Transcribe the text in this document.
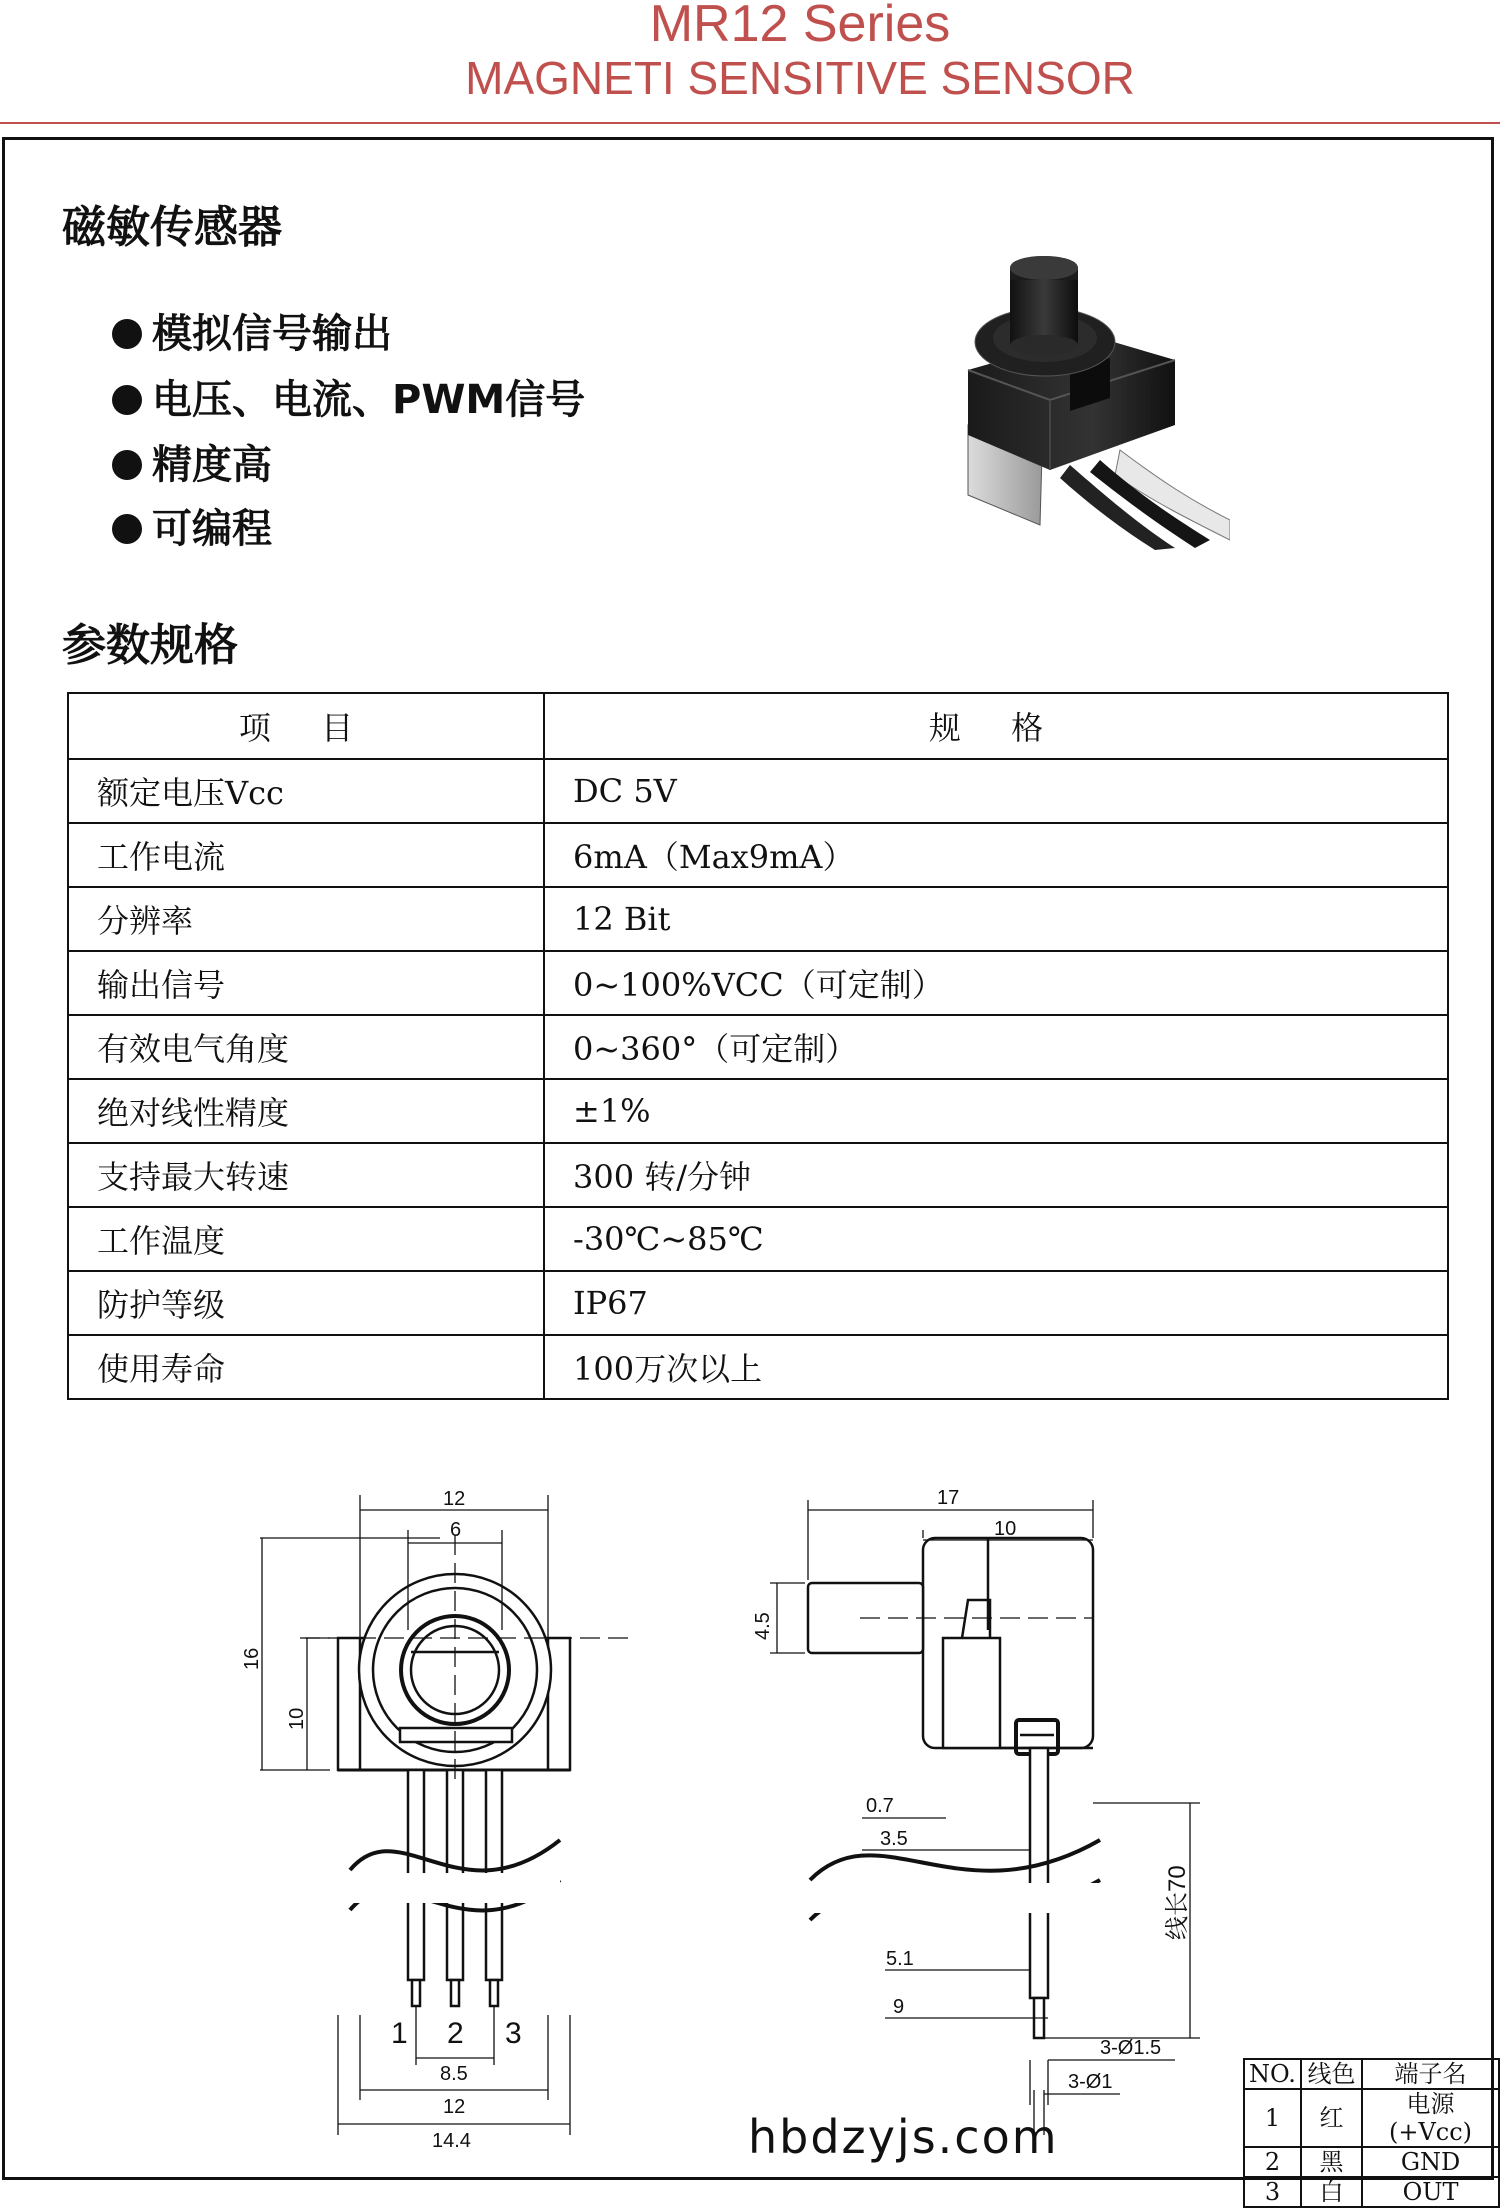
MR12 Series
MAGNETI SENSITIVE SENSOR
磁敏传感器
模拟信号输出
电压、电流、PWM信号
精度高
可编程
参数规格
项 目	规 格
额定电压Vcc	DC 5V
工作电流	6mA（Max9mA）
分辨率	12 Bit
输出信号	0~100%VCC（可定制）
有效电气角度	0~360°（可定制）
绝对线性精度	±1%
支持最大转速	300 转/分钟
工作温度	-30℃~85℃
防护等级	IP67
使用寿命	100万次以上
12
6
16
10
8.5
12
14.4
1 2 3
17
10
4.5
0.7
3.5
5.1
9
3-Ø1.5
3-Ø1
线长70
hbdzyjs.com
NO.	线色	端子名
1	红	电源(+Vcc)
2	黑	GND
3	白	OUT
